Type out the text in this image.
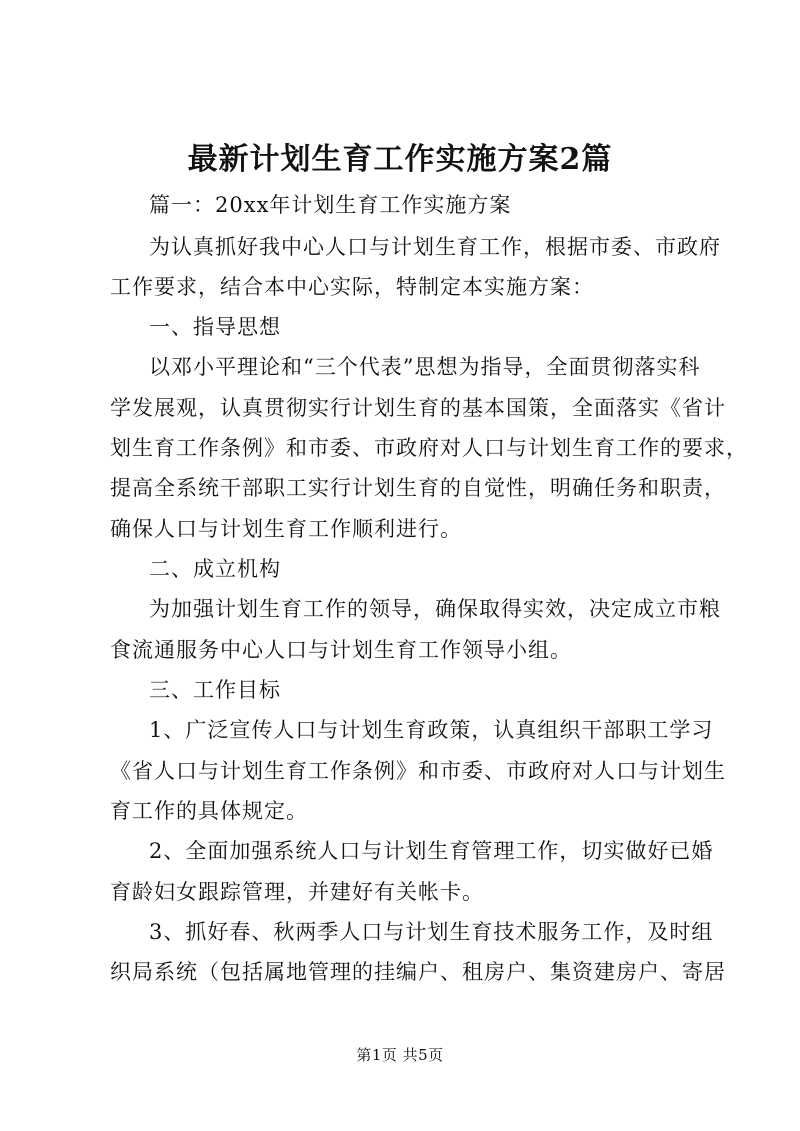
最新计划生育工作实施方案2篇
篇一：20xx年计划生育工作实施方案
为认真抓好我中心人口与计划生育工作，根据市委、市政府
工作要求，结合本中心实际，特制定本实施方案：
一、指导思想
以邓小平理论和“三个代表”思想为指导，全面贯彻落实科
学发展观，认真贯彻实行计划生育的基本国策，全面落实《省计
划生育工作条例》和市委、市政府对人口与计划生育工作的要求，
提高全系统干部职工实行计划生育的自觉性，明确任务和职责，
确保人口与计划生育工作顺利进行。
二、成立机构
为加强计划生育工作的领导，确保取得实效，决定成立市粮
食流通服务中心人口与计划生育工作领导小组。
三、工作目标
1、广泛宣传人口与计划生育政策，认真组织干部职工学习
《省人口与计划生育工作条例》和市委、市政府对人口与计划生
育工作的具体规定。
2、全面加强系统人口与计划生育管理工作，切实做好已婚
育龄妇女跟踪管理，并建好有关帐卡。
3、抓好春、秋两季人口与计划生育技术服务工作，及时组
织局系统（包括属地管理的挂编户、租房户、集资建房户、寄居
第1页 共5页
